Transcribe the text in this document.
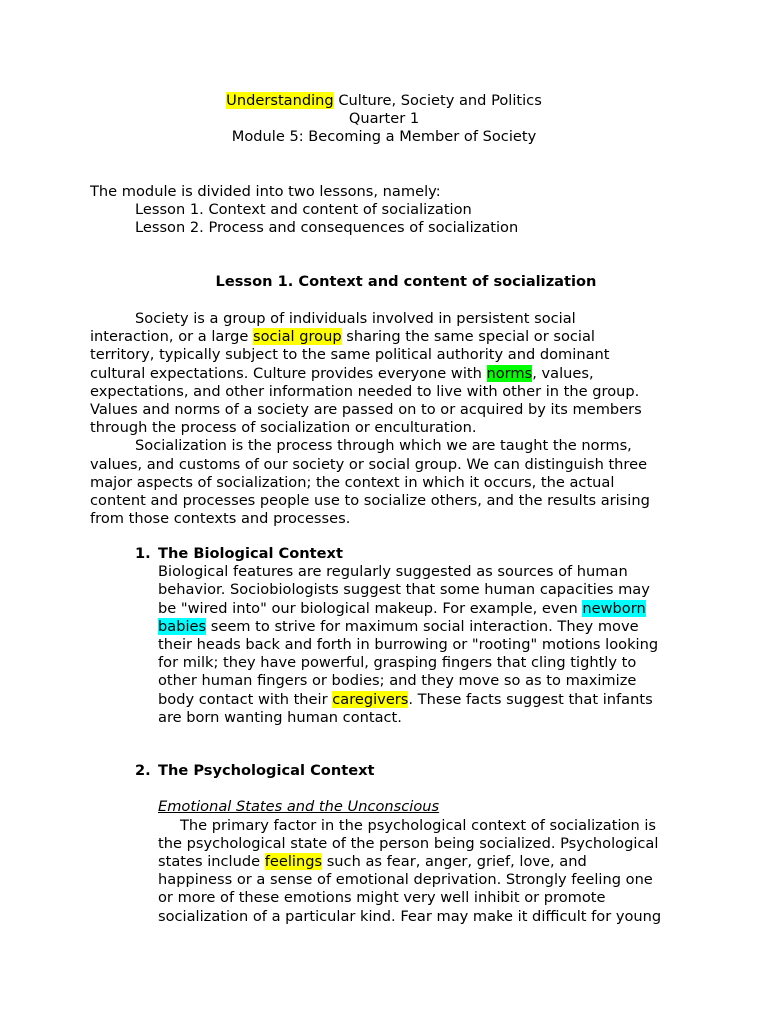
Understanding Culture, Society and Politics
Quarter 1
Module 5: Becoming a Member of Society
The module is divided into two lessons, namely:
Lesson 1. Context and content of socialization
Lesson 2. Process and consequences of socialization
Lesson 1. Context and content of socialization
Society is a group of individuals involved in persistent social
interaction, or a large social group sharing the same special or social
territory, typically subject to the same political authority and dominant
cultural expectations. Culture provides everyone with norms, values,
expectations, and other information needed to live with other in the group.
Values and norms of a society are passed on to or acquired by its members
through the process of socialization or enculturation.
Socialization is the process through which we are taught the norms,
values, and customs of our society or social group. We can distinguish three
major aspects of socialization; the context in which it occurs, the actual
content and processes people use to socialize others, and the results arising
from those contexts and processes.
1. The Biological Context
Biological features are regularly suggested as sources of human
behavior. Sociobiologists suggest that some human capacities may
be "wired into" our biological makeup. For example, even newborn
babies seem to strive for maximum social interaction. They move
their heads back and forth in burrowing or "rooting" motions looking
for milk; they have powerful, grasping fingers that cling tightly to
other human fingers or bodies; and they move so as to maximize
body contact with their caregivers. These facts suggest that infants
are born wanting human contact.
2. The Psychological Context
Emotional States and the Unconscious
The primary factor in the psychological context of socialization is
the psychological state of the person being socialized. Psychological
states include feelings such as fear, anger, grief, love, and
happiness or a sense of emotional deprivation. Strongly feeling one
or more of these emotions might very well inhibit or promote
socialization of a particular kind. Fear may make it difficult for young
